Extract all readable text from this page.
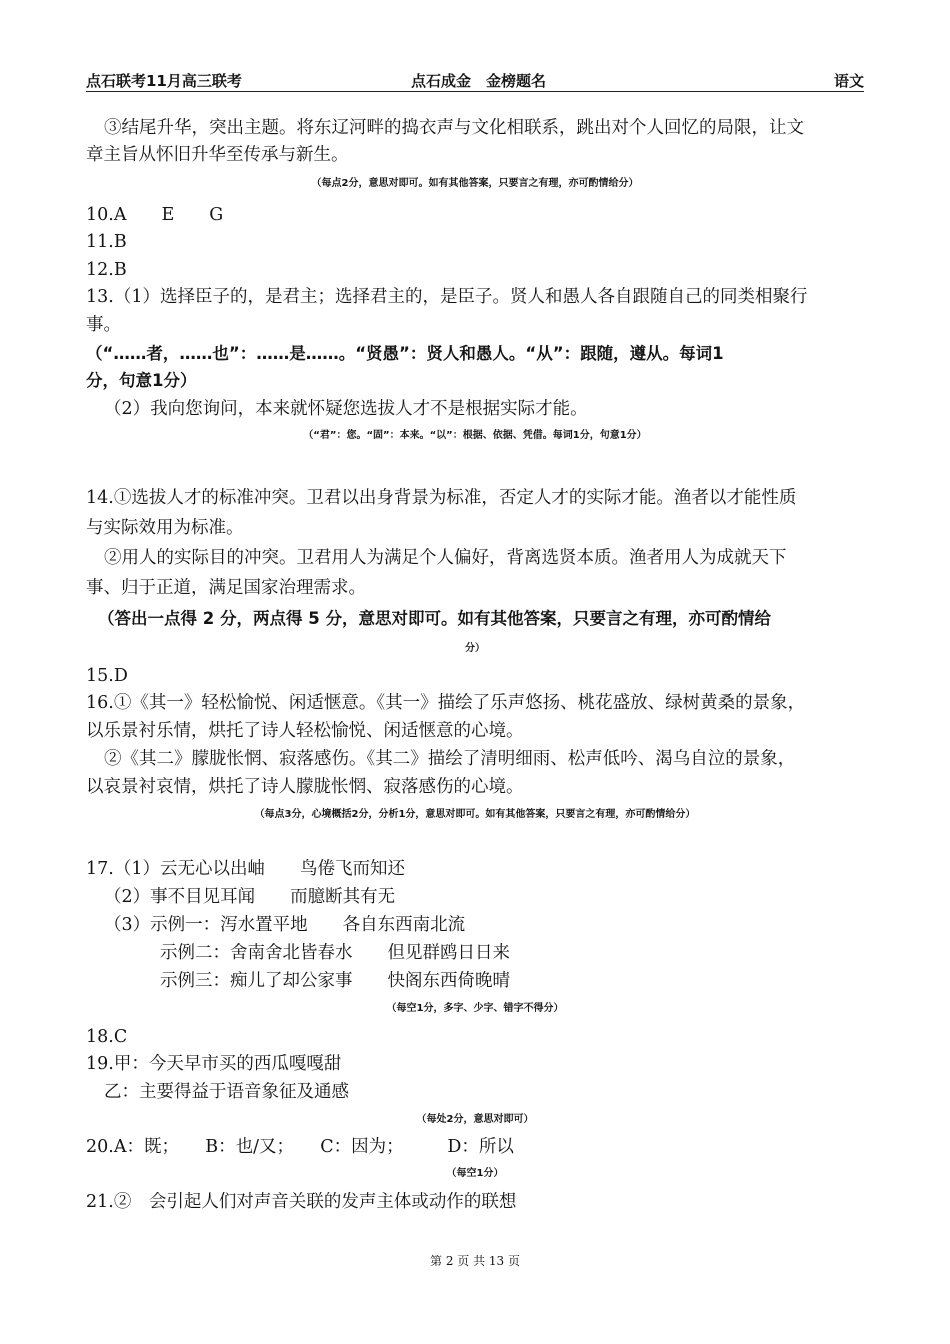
点石联考11月高三联考	点石成金　金榜题名	语文
③结尾升华，突出主题。将东辽河畔的捣衣声与文化相联系，跳出对个人回忆的局限，让文
章主旨从怀旧升华至传承与新生。
（每点2分，意思对即可。如有其他答案，只要言之有理，亦可酌情给分）
10.A　　E　　G
11.B
12.B
13.（1）选择臣子的，是君主；选择君主的，是臣子。贤人和愚人各自跟随自己的同类相聚行
事。
（“……者，……也”：……是……。“贤愚”：贤人和愚人。“从”：跟随，遵从。每词1
分，句意1分）
（2）我向您询问，本来就怀疑您选拔人才不是根据实际才能。
（“君”：您。“固”：本来。“以”：根据、依据、凭借。每词1分，句意1分）
14.①选拔人才的标准冲突。卫君以出身背景为标准，否定人才的实际才能。渔者以才能性质
与实际效用为标准。
②用人的实际目的冲突。卫君用人为满足个人偏好，背离选贤本质。渔者用人为成就天下
事、归于正道，满足国家治理需求。
（答出一点得 2 分，两点得 5 分，意思对即可。如有其他答案，只要言之有理，亦可酌情给
分）
15.D
16.①《其一》轻松愉悦、闲适惬意。《其一》描绘了乐声悠扬、桃花盛放、绿树黄桑的景象，
以乐景衬乐情，烘托了诗人轻松愉悦、闲适惬意的心境。
②《其二》朦胧怅惘、寂落感伤。《其二》描绘了清明细雨、松声低吟、渴乌自泣的景象，
以哀景衬哀情，烘托了诗人朦胧怅惘、寂落感伤的心境。
（每点3分，心境概括2分，分析1分，意思对即可。如有其他答案，只要言之有理，亦可酌情给分）
17.（1）云无心以出岫　　鸟倦飞而知还
（2）事不目见耳闻　　而臆断其有无
（3）示例一：泻水置平地　　各自东西南北流
示例二：舍南舍北皆春水　　但见群鸥日日来
示例三：痴儿了却公家事　　快阁东西倚晚晴
（每空1分，多字、少字、错字不得分）
18.C
19.甲：今天早市买的西瓜嘎嘎甜
乙：主要得益于语音象征及通感
（每处2分，意思对即可）
20.A：既；　　B：也/又；　　C：因为；　　　D：所以
（每空1分）
21.②　会引起人们对声音关联的发声主体或动作的联想
第 2 页 共 13 页
